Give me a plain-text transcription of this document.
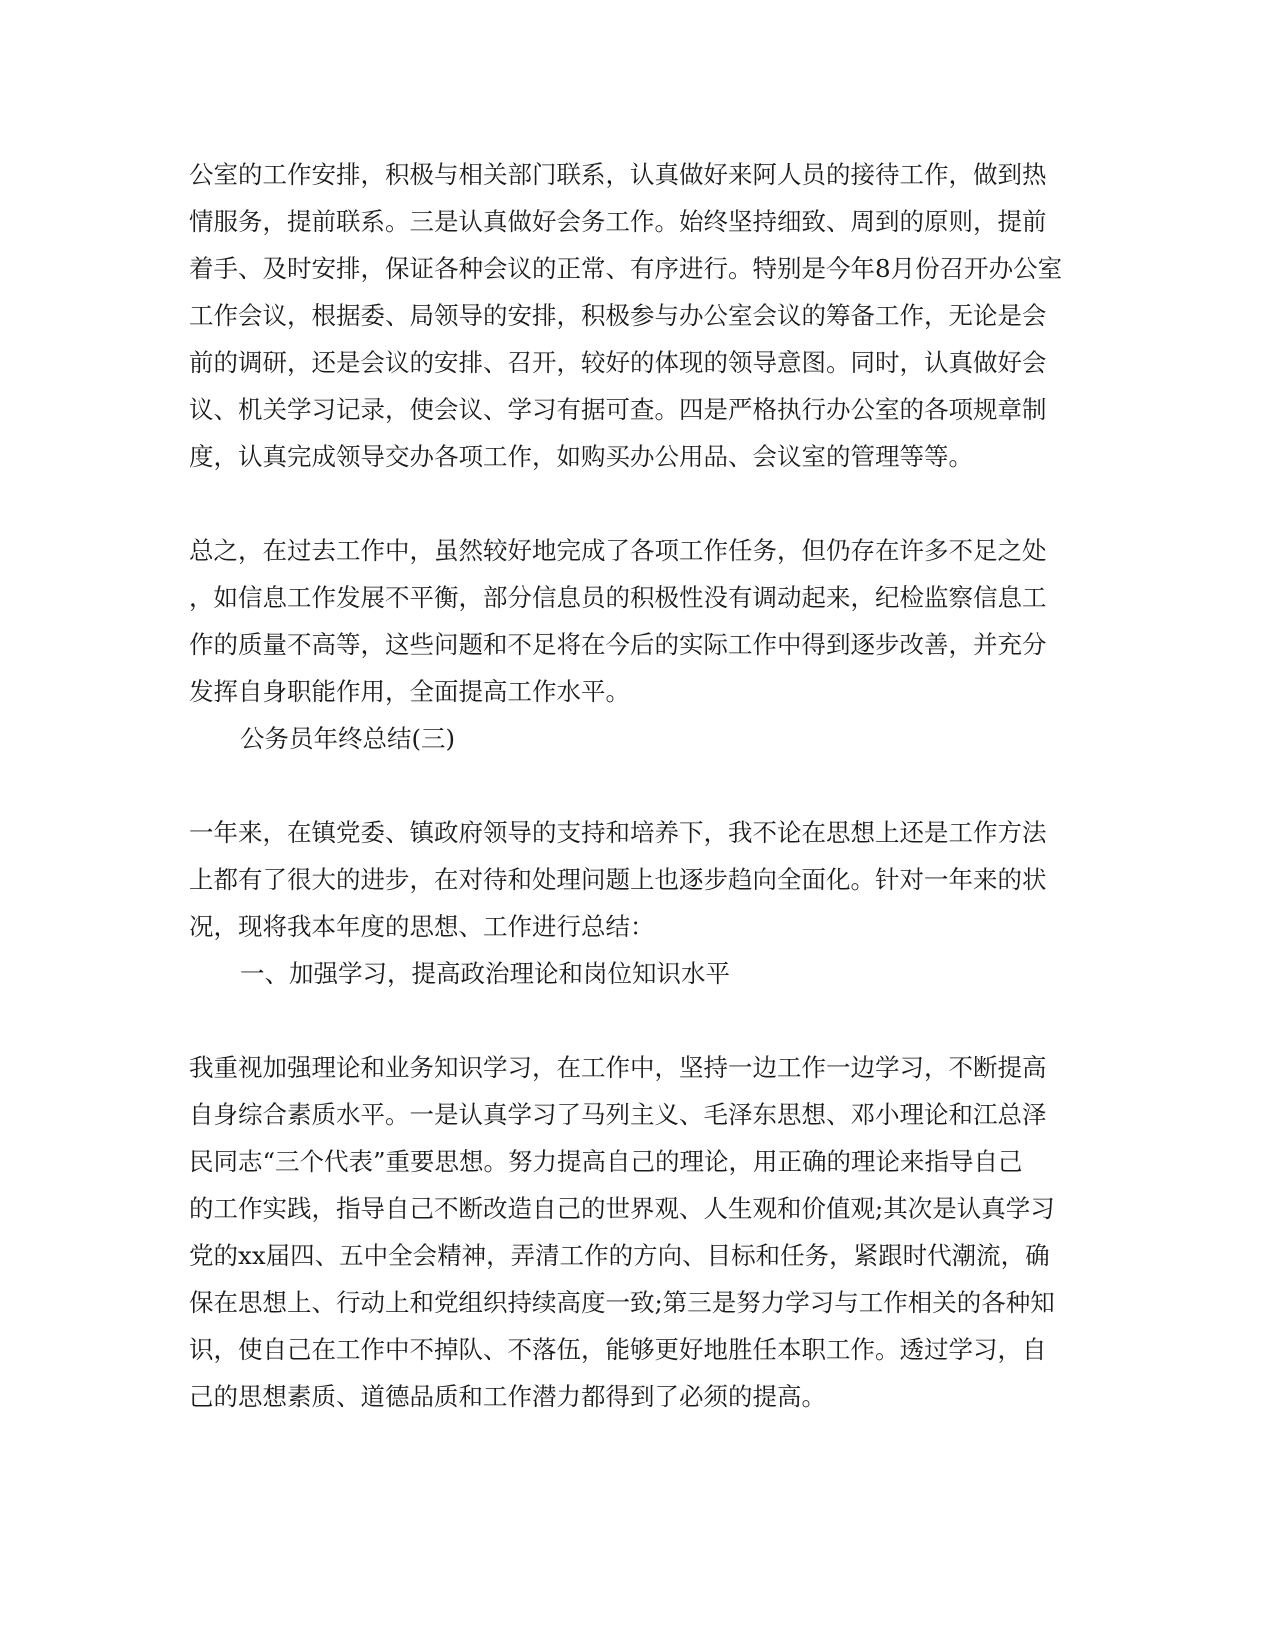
公室的工作安排，积极与相关部门联系，认真做好来阿人员的接待工作，做到热
情服务，提前联系。三是认真做好会务工作。始终坚持细致、周到的原则，提前
着手、及时安排，保证各种会议的正常、有序进行。特别是今年8月份召开办公室
工作会议，根据委、局领导的安排，积极参与办公室会议的筹备工作，无论是会
前的调研，还是会议的安排、召开，较好的体现的领导意图。同时，认真做好会
议、机关学习记录，使会议、学习有据可查。四是严格执行办公室的各项规章制
度，认真完成领导交办各项工作，如购买办公用品、会议室的管理等等。
总之，在过去工作中，虽然较好地完成了各项工作任务，但仍存在许多不足之处
，如信息工作发展不平衡，部分信息员的积极性没有调动起来，纪检监察信息工
作的质量不高等，这些问题和不足将在今后的实际工作中得到逐步改善，并充分
发挥自身职能作用，全面提高工作水平。
公务员年终总结(三)
一年来，在镇党委、镇政府领导的支持和培养下，我不论在思想上还是工作方法
上都有了很大的进步，在对待和处理问题上也逐步趋向全面化。针对一年来的状
况，现将我本年度的思想、工作进行总结：
一、加强学习，提高政治理论和岗位知识水平
我重视加强理论和业务知识学习，在工作中，坚持一边工作一边学习，不断提高
自身综合素质水平。一是认真学习了马列主义、毛泽东思想、邓小理论和江总泽
民同志“三个代表”重要思想。努力提高自己的理论，用正确的理论来指导自己
的工作实践，指导自己不断改造自己的世界观、人生观和价值观;其次是认真学习
党的xx届四、五中全会精神，弄清工作的方向、目标和任务，紧跟时代潮流，确
保在思想上、行动上和党组织持续高度一致;第三是努力学习与工作相关的各种知
识，使自己在工作中不掉队、不落伍，能够更好地胜任本职工作。透过学习，自
己的思想素质、道德品质和工作潜力都得到了必须的提高。
